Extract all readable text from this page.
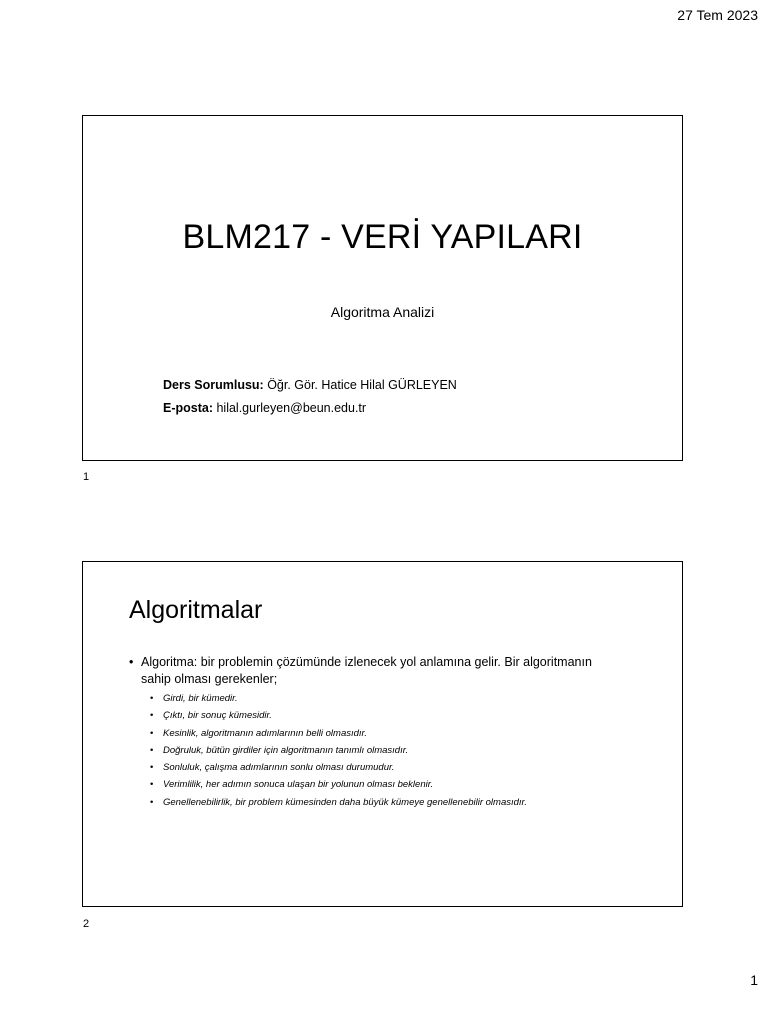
27 Tem 2023
BLM217 - VERİ YAPILARI

Algoritma Analizi

Ders Sorumlusu: Öğr. Gör. Hatice Hilal GÜRLEYEN
E-posta: hilal.gurleyen@beun.edu.tr
1
Algoritmalar
• Algoritma: bir problemin çözümünde izlenecek yol anlamına gelir. Bir algoritmanın sahip olması gerekenler;
• Girdi, bir kümedir.
• Çıktı, bir sonuç kümesidir.
• Kesinlik, algoritmanın adımlarının belli olmasıdır.
• Doğruluk, bütün girdiler için algoritmanın tanımlı olmasıdır.
• Sonluluk, çalışma adımlarının sonlu olması durumudur.
• Verimlilik, her adımın sonuca ulaşan bir yolunun olması beklenir.
• Genellenebilirlik, bir problem kümesinden daha büyük kümeye genellenebilir olmasıdır.
2
1
